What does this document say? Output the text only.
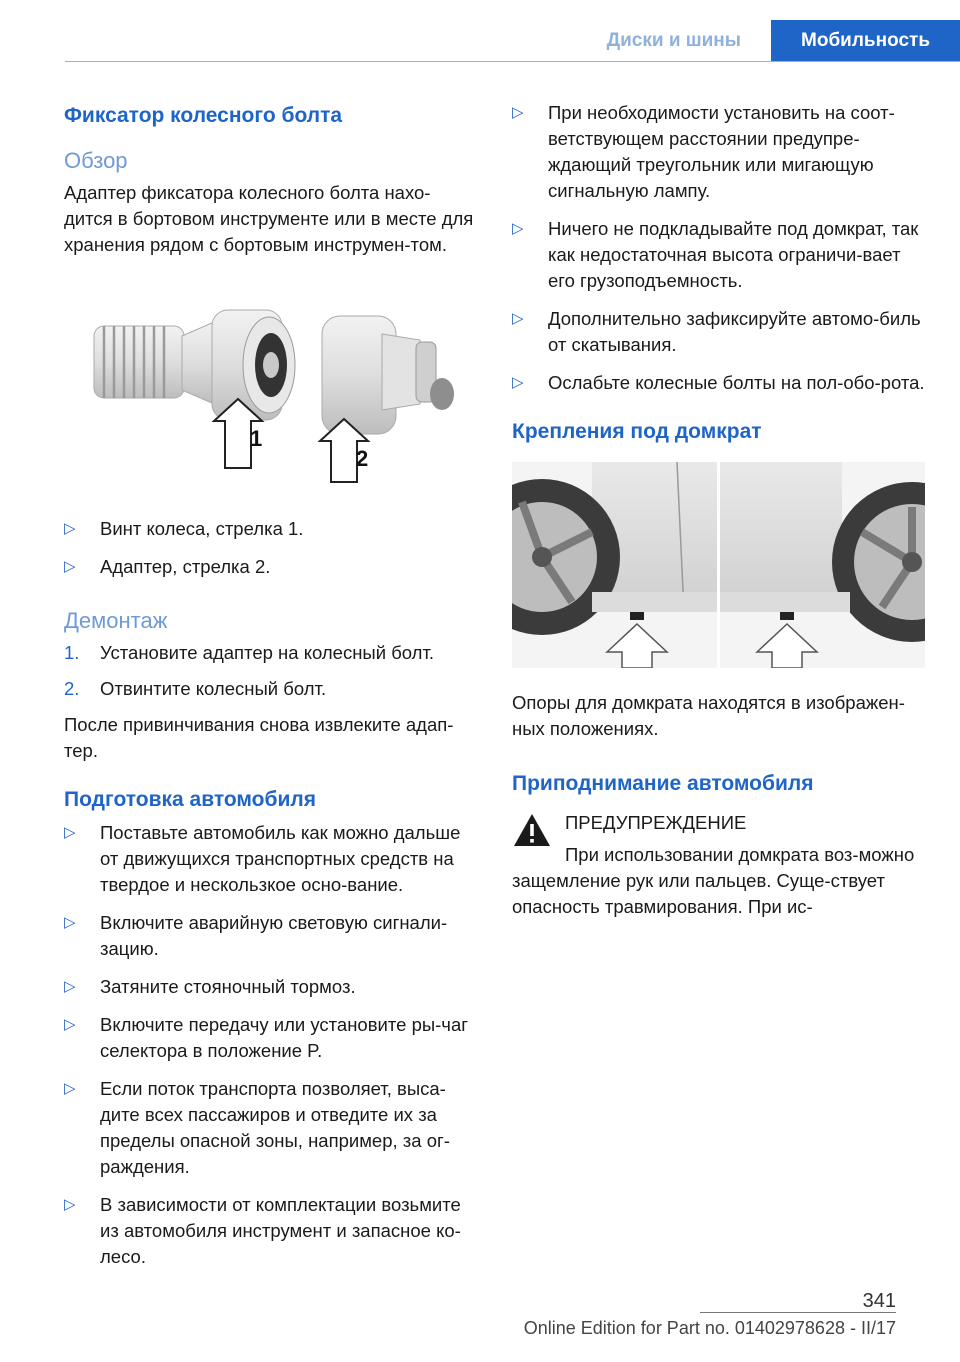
Диски и шины	Мобильность
Фиксатор колесного болта
Обзор

Адаптер фиксатора колесного болта нахо-дится в бортовом инструменте или в месте для хранения рядом с бортовым инструмен-том.

1
2
▷ Винт колеса, стрелка 1.
▷ Адаптер, стрелка 2.
Демонтаж
1. Установите адаптер на колесный болт.
2. Отвинтите колесный болт.

После привинчивания снова извлеките адап-тер.

Подготовка автомобиля
▷ Поставьте автомобиль как можно дальше от движущихся транспортных средств на твердое и нескользкое осно-вание.
▷ Включите аварийную световую сигнали-зацию.
▷ Затяните стояночный тормоз.
▷ Включите передачу или установите ры-чаг селектора в положение P.
▷ Если поток транспорта позволяет, выса-дите всех пассажиров и отведите их за пределы опасной зоны, например, за ог-раждения.
▷ В зависимости от комплектации возьмите из автомобиля инструмент и запасное ко-лесо.
▷ При необходимости установить на соот-ветствующем расстоянии предупре-ждающий треугольник или мигающую сигнальную лампу.
▷ Ничего не подкладывайте под домкрат, так как недостаточная высота ограничи-вает его грузоподъемность.
▷ Дополнительно зафиксируйте автомо-биль от скатывания.
▷ Ослабьте колесные болты на пол-обо-рота.
Крепления под домкрат

Опоры для домкрата находятся в изображен-ных положениях.

Приподнимание автомобиля
ПРЕДУПРЕЖДЕНИЕ

При использовании домкрата воз-можно защемление рук или пальцев. Суще-ствует опасность травмирования. При ис-

341
Online Edition for Part no. 01402978628 - II/17
